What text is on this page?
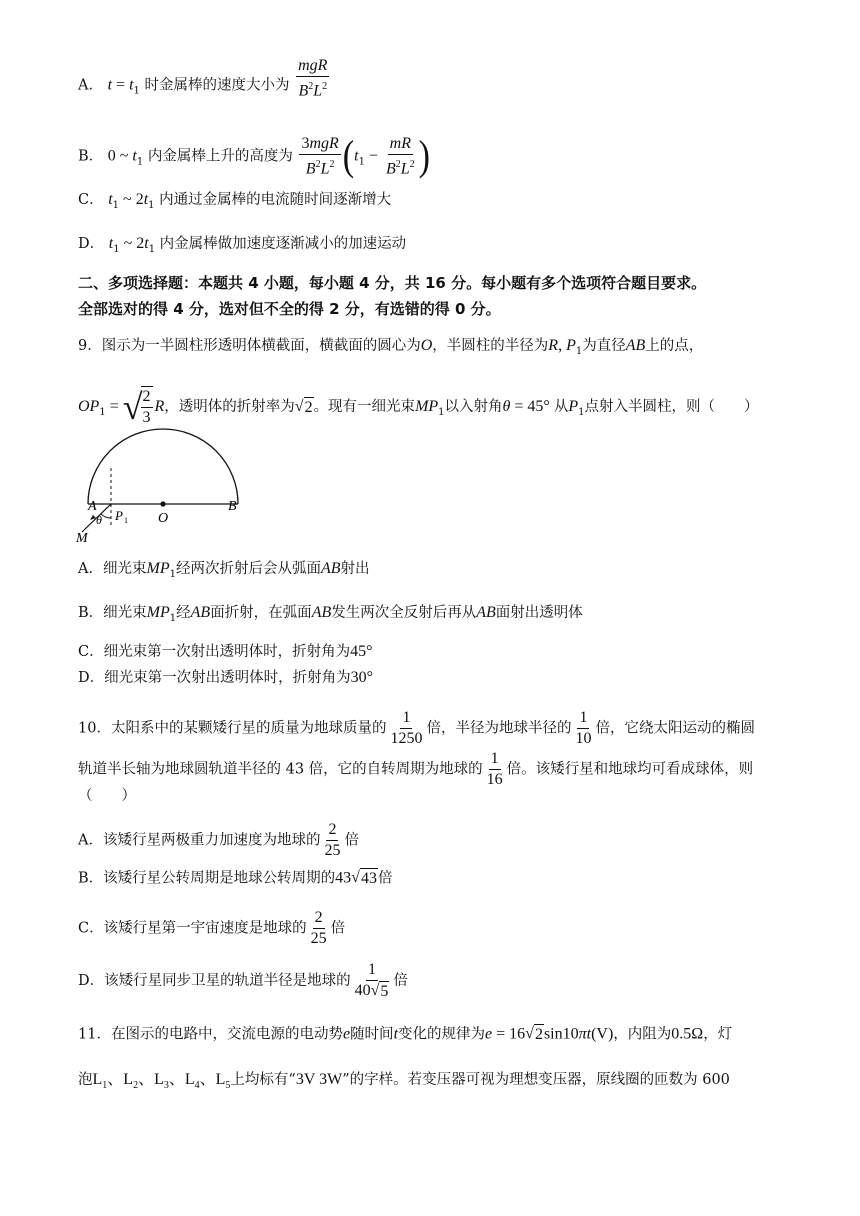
A． $t = t_1$ 时金属棒的速度大小为 $\frac{\text{mgR}}{B^2L^2}$
B． 0 ~ $t_1$ 内金属棒上升的高度为 $\frac{\text{3mgR}}{B^2L^2} (t_1 - \frac{mR}{B^2L^2}$ )
C． $t_1$ ~ $2t_1$ 内通过金属棒的电流随时间逐渐增大
D． $t_1$ ~ $2t_1$ 内金属棒做加速度逐渐减小的加速运动
二、多项选择题：本题共 4 小题，每小题 4 分，共 16 分。每小题有多个选项符合题目要求。
全部选对的得 4 分，选对但不全的得 2 分，有选错的得 0 分。
9．图示为一半圆柱形透明体横截面，横截面的圆心为O，半圆柱的半径为R, $P_1$为直径AB上的点，
$OP_1$ = √
$\frac{2}{3}$ R，透明体的折射率为 √ 2 。现有一细光束$MP_1$以入射角θ = 45° 从$P_1$点射入半圆柱，则（　　）
A	B
O
P 1
M
θ
A．细光束$MP_1$经两次折射后会从弧面AB射出
B．细光束$MP_1$经AB面折射，在弧面AB发生两次全反射后再从AB面射出透明体
C．细光束第一次射出透明体时，折射角为45°
D．细光束第一次射出透明体时，折射角为30°
10．太阳系中的某颗矮行星的质量为地球质量的 $\frac{1}{1250}$ 倍，半径为地球半径的 $\frac{1}{10}$ 倍，它绕太阳运动的椭圆
轨道半长轴为地球圆轨道半径的 43 倍，它的自转周期为地球的 $\frac{1}{16}$ 倍。该矮行星和地球均可看成球体，则
（　　）
A．该矮行星两极重力加速度为地球的 $\frac{2}{25}$ 倍
B．该矮行星公转周期是地球公转周期的43 √ 43 倍
C．该矮行星第一宇宙速度是地球的 $\frac{2}{25}$ 倍
D．该矮行星同步卫星的轨道半径是地球的 $\frac{1}{40 √ 5}$ 倍
11．在图示的电路中，交流电源的电动势e随时间t变化的规律为e = 16 √ 2 sin10πt(V)，内阻为0.5Ω，灯
泡$L_1$、$L_2$、$L_3$、$L_4$、$L_5$上均标有“3V 3W”的字样。若变压器可视为理想变压器，原线圈的匝数为 600
